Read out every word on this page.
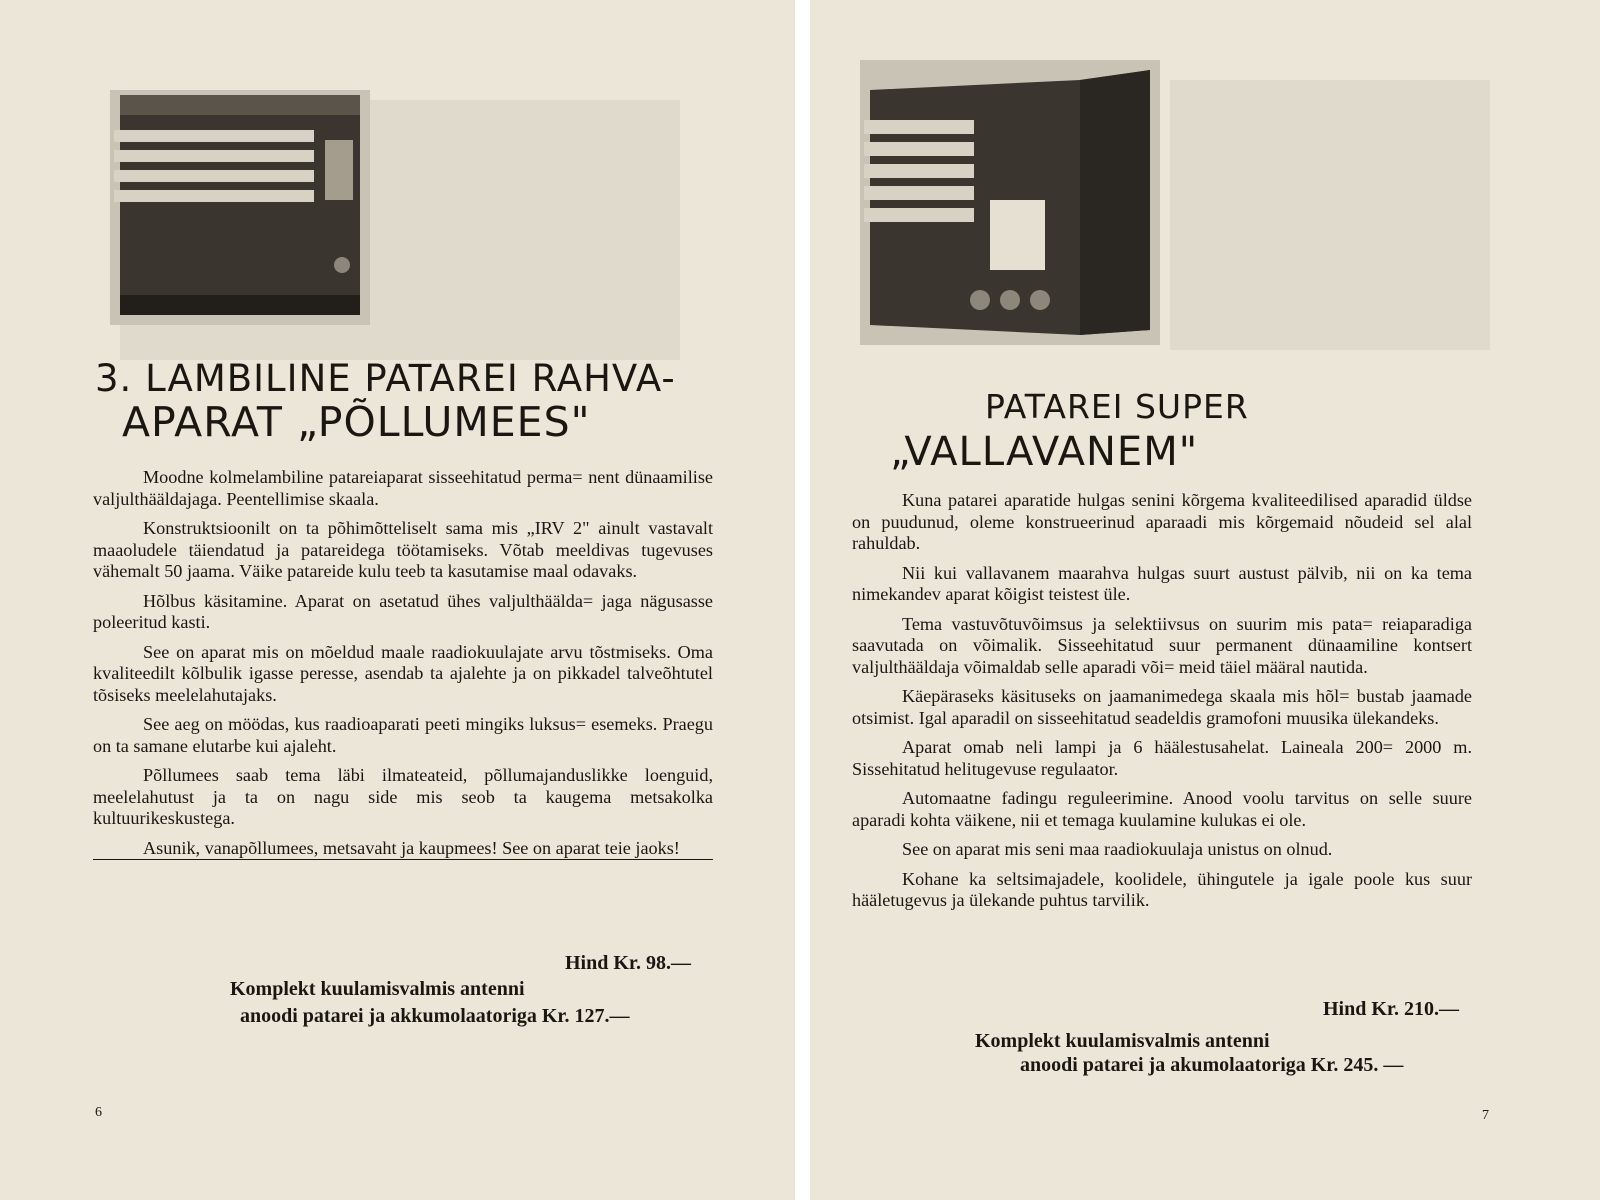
3. LAMBILINE PATAREI RAHVA-
APARAT „PÕLLUMEES"

Moodne kolmelambiline patareiaparat sisseehitatud perma= nent dünaamilise valjulthääldajaga. Peentellimise skaala.

Konstruktsioonilt on ta põhimõtteliselt sama mis „IRV 2" ainult vastavalt maaoludele täiendatud ja patareidega töötamiseks. Võtab meeldivas tugevuses vähemalt 50 jaama. Väike patareide kulu teeb ta kasutamise maal odavaks.

Hõlbus käsitamine. Aparat on asetatud ühes valjulthäälda= jaga nägusasse poleeritud kasti.

See on aparat mis on mõeldud maale raadiokuulajate arvu tõstmiseks. Oma kvaliteedilt kõlbulik igasse peresse, asendab ta ajalehte ja on pikkadel talveõhtutel tõsiseks meelelahutajaks.

See aeg on möödas, kus raadioaparati peeti mingiks luksus= esemeks. Praegu on ta samane elutarbe kui ajaleht.

Põllumees saab tema läbi ilmateateid, põllumajanduslikke loenguid, meelelahutust ja ta on nagu side mis seob ta kaugema metsakolka kultuurikeskustega.

Asunik, vanapõllumees, metsavaht ja kaupmees! See on aparat teie jaoks!

Hind Kr. 98.—
Komplekt kuulamisvalmis antenni
anoodi patarei ja akkumolaatoriga Kr. 127.—
6
PATAREI SUPER
„VALLAVANEM"

Kuna patarei aparatide hulgas senini kõrgema kvaliteedilised aparadid üldse on puudunud, oleme konstrueerinud aparaadi mis kõrgemaid nõudeid sel alal rahuldab.

Nii kui vallavanem maarahva hulgas suurt austust pälvib, nii on ka tema nimekandev aparat kõigist teistest üle.

Tema vastuvõtuvõimsus ja selektiivsus on suurim mis pata= reiaparadiga saavutada on võimalik. Sisseehitatud suur permanent dünaamiline kontsert valjulthääldaja võimaldab selle aparadi või= meid täiel määral nautida.

Käepäraseks käsituseks on jaamanimedega skaala mis hõl= bustab jaamade otsimist. Igal aparadil on sisseehitatud seadeldis gramofoni muusika ülekandeks.

Aparat omab neli lampi ja 6 häälestusahelat. Laineala 200= 2000 m. Sissehitatud helitugevuse regulaator.

Automaatne fadingu reguleerimine. Anood voolu tarvitus on selle suure aparadi kohta väikene, nii et temaga kuulamine kulukas ei ole.

See on aparat mis seni maa raadiokuulaja unistus on olnud.

Kohane ka seltsimajadele, koolidele, ühingutele ja igale poole kus suur hääletugevus ja ülekande puhtus tarvilik.

Hind Kr. 210.—
Komplekt kuulamisvalmis antenni
anoodi patarei ja akumolaatoriga Kr. 245. —
7
